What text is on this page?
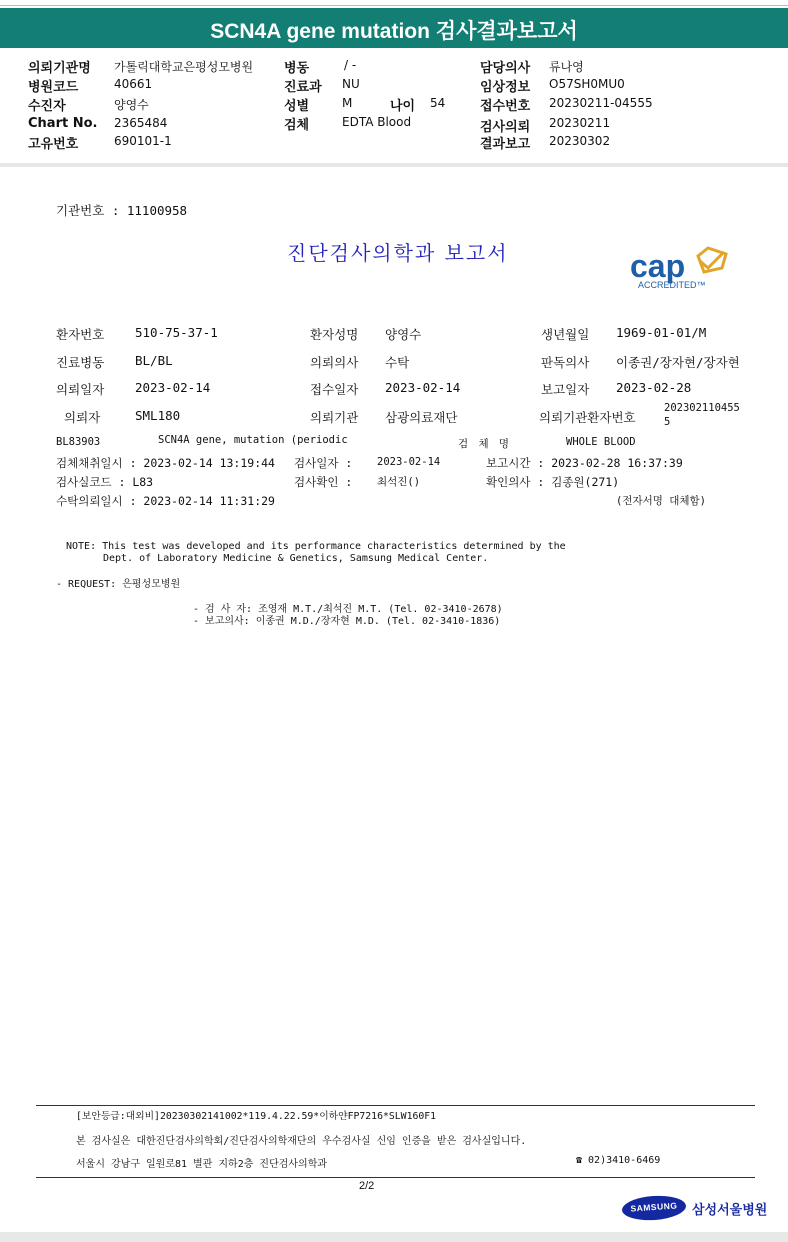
SCN4A gene mutation 검사결과보고서
의뢰기관명 가톨릭대학교은평성모병원
병원코드	40661
수진자	양영수
Chart No. 2365484
고유번호	690101-1
병동	/ -
진료과 NU
성별	M	나이 54
검체	EDTA Blood
담당의사 류나영
임상정보 O57SH0MU0
접수번호 20230211-04555
검사의뢰 20230211
결과보고 20230302
기관번호 : 11100958
진단검사의학과 보고서	cap
ACCREDITED™
환자번호 510-75-37-1	환자성명 양영수	생년월일 1969-01-01/M
진료병동 BL/BL	의뢰의사 수탁	판독의사 이종권/장자현/장자현
의뢰일자 2023-02-14	접수일자 2023-02-14	보고일자 2023-02-28
의뢰자	SML180	의뢰기관 삼광의료재단	의뢰기관환자번호
202302110455
5
BL83903	SCN4A gene, mutation (periodic	검 체 명	WHOLE BLOOD
검체채취일시 : 2023-02-14 13:19:44 검사일자 : 2023-02-14	보고시간 : 2023-02-28 16:37:39
검사실코드 : L83	검사확인 : 최석진()	확인의사 : 김종원(271)
수탁의뢰일시 : 2023-02-14 11:31:29	(전자서명 대체함)
NOTE: This test was developed and its performance characteristics determined by the
Dept. of Laboratory Medicine & Genetics, Samsung Medical Center.
- REQUEST: 은평성모병원
- 검 사 자: 조영재 M.T./최석진 M.T. (Tel. 02-3410-2678)
- 보고의사: 이종권 M.D./장자현 M.D. (Tel. 02-3410-1836)
[보안등급:대외비]20230302141002*119.4.22.59*이하얀FP7216*SLW160F1
본 검사실은 대한진단검사의학회/진단검사의학재단의 우수검사실 신임 인증을 받은 검사실입니다.
서울시 강남구 일원로81 별관 지하2층 진단검사의학과	☎ 02)3410-6469
2/2
SAMSUNG	삼성서울병원
